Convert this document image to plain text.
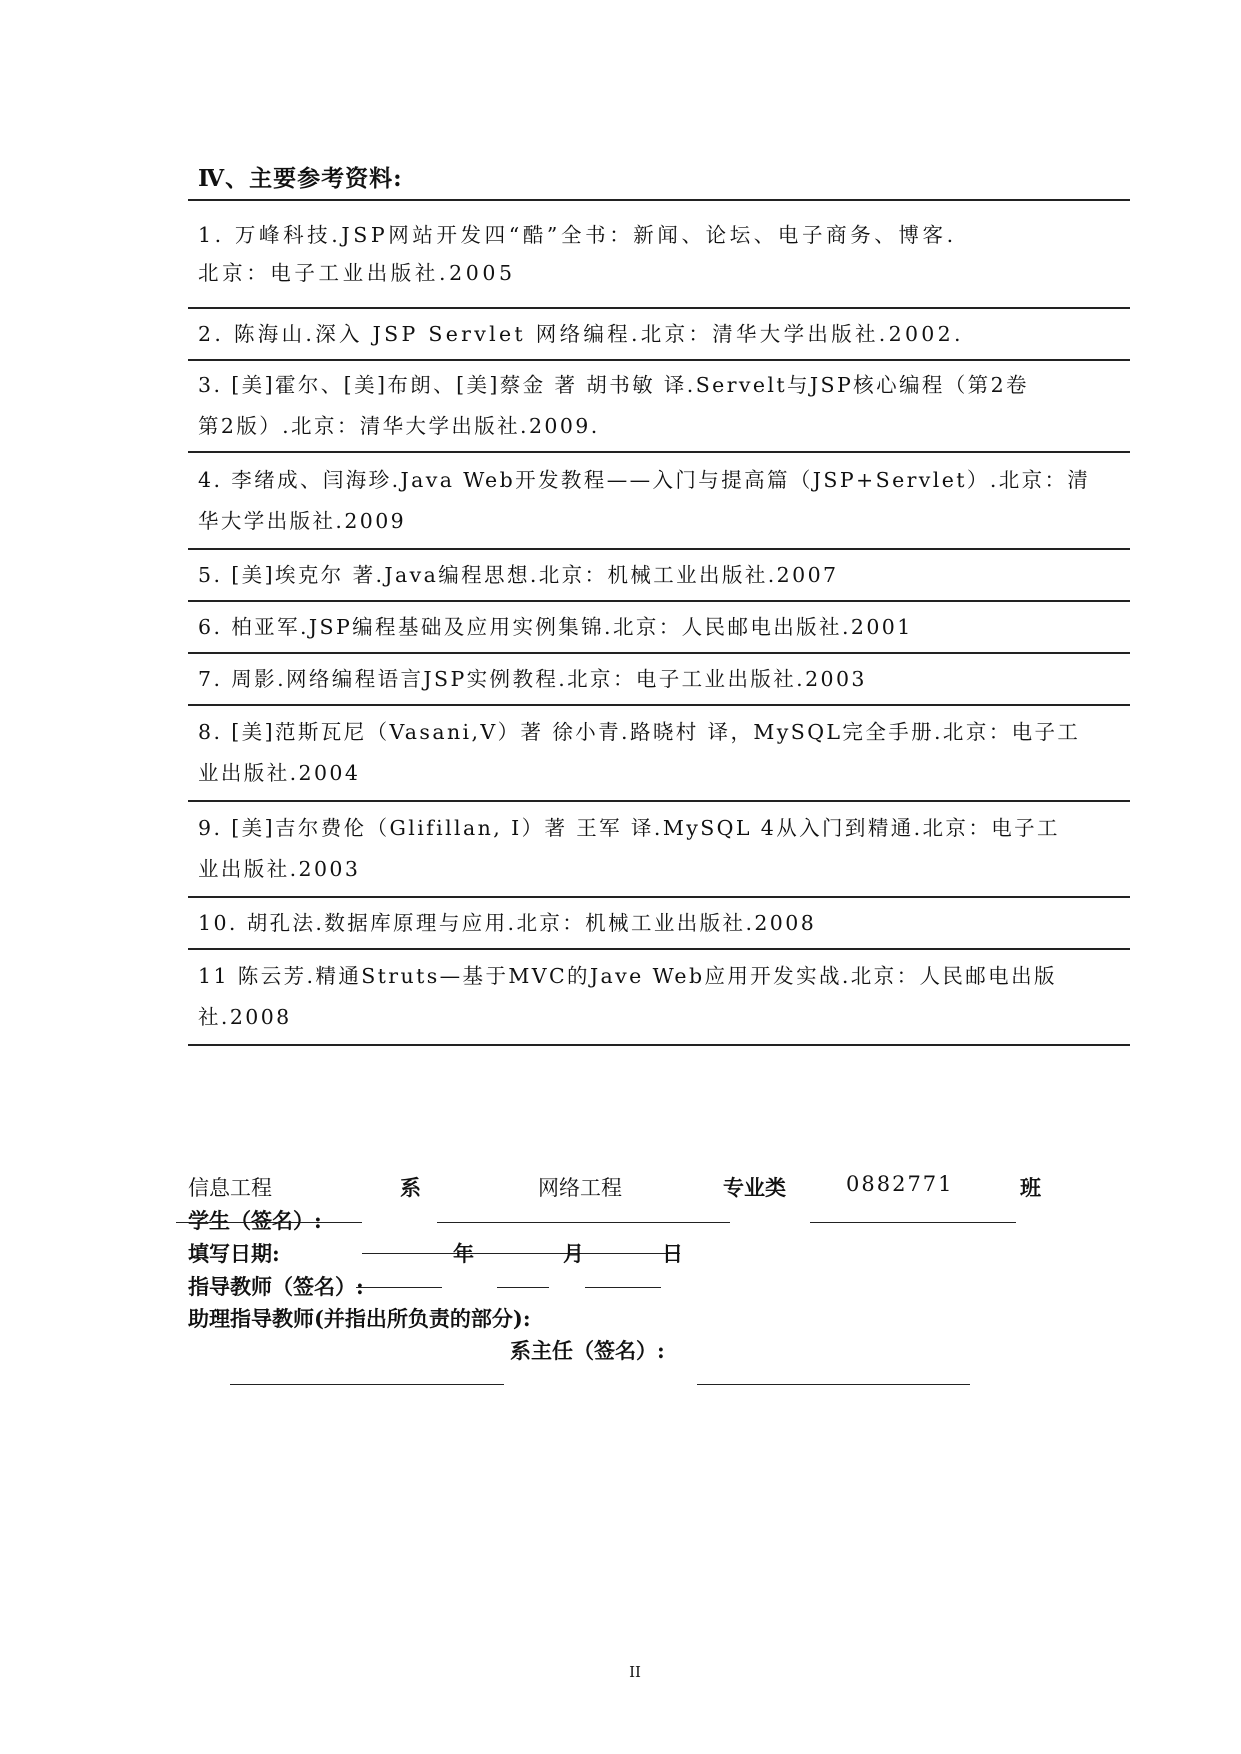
Ⅳ、主要参考资料:
1. 万峰科技.JSP网站开发四“酷”全书：新闻、论坛、电子商务、博客.
北京：电子工业出版社.2005
2. 陈海山.深入 JSP Servlet 网络编程.北京：清华大学出版社.2002.
3. [美]霍尔、[美]布朗、[美]蔡金 著 胡书敏 译.Servelt与JSP核心编程（第2卷
第2版）.北京：清华大学出版社.2009.
4. 李绪成、闫海珍.Java Web开发教程——入门与提高篇（JSP+Servlet）.北京：清
华大学出版社.2009
5. [美]埃克尔 著.Java编程思想.北京：机械工业出版社.2007
6. 柏亚军.JSP编程基础及应用实例集锦.北京：人民邮电出版社.2001
7. 周影.网络编程语言JSP实例教程.北京：电子工业出版社.2003
8. [美]范斯瓦尼（Vasani,V）著 徐小青.路晓村 译，MySQL完全手册.北京：电子工
业出版社.2004
9. [美]吉尔费伦（Glifillan, I）著 王军 译.MySQL 4从入门到精通.北京：电子工
业出版社.2003
10. 胡孔法.数据库原理与应用.北京：机械工业出版社.2008
11 陈云芳.精通Struts—基于MVC的Jave Web应用开发实战.北京：人民邮电出版
社.2008
信息工程	系	网络工程	专业类	0882771	班
学生（签名）:
填写日期:	年	月	日
指导教师（签名）:
助理指导教师(并指出所负责的部分):
系主任（签名）:
II
